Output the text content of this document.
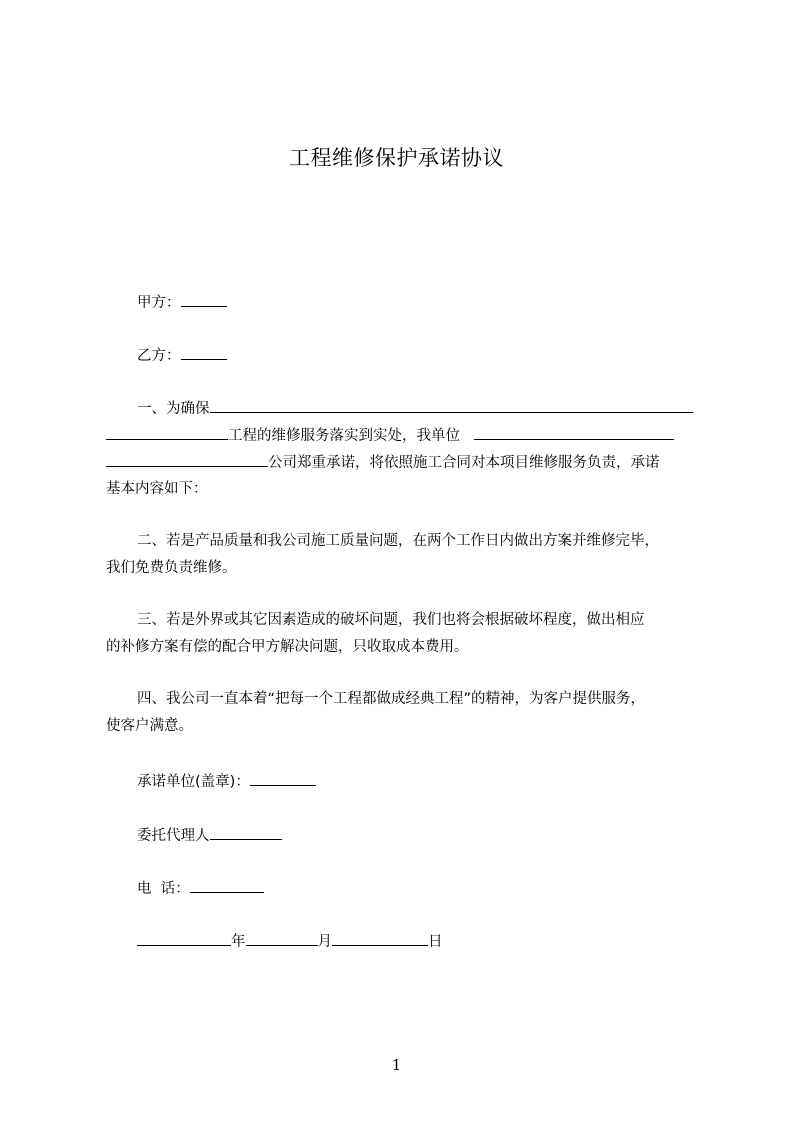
工程维修保护承诺协议
甲方：
乙方：
一、为确保
工程的维修服务落实到实处，我单位
公司郑重承诺，将依照施工合同对本项目维修服务负责，承诺
基本内容如下：
二、若是产品质量和我公司施工质量问题，在两个工作日内做出方案并维修完毕，
我们免费负责维修。
三、若是外界或其它因素造成的破坏问题，我们也将会根据破坏程度，做出相应
的补修方案有偿的配合甲方解决问题，只收取成本费用。
四、我公司一直本着“把每一个工程都做成经典工程”的精神，为客户提供服务，
使客户满意。
承诺单位(盖章)：
委托代理人
电  话：
年	月	日
1
